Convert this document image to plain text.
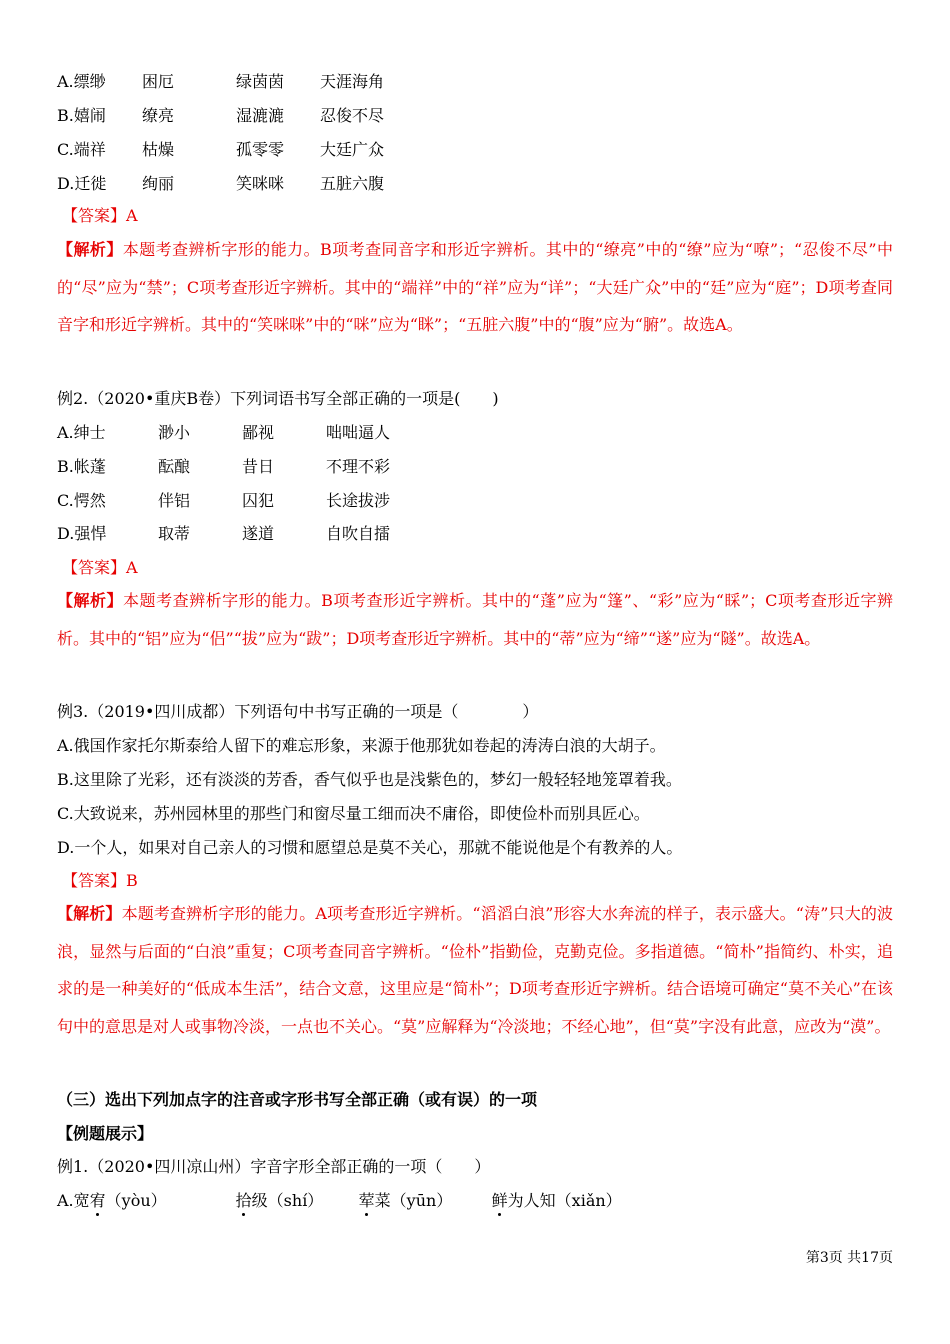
A.缥缈 困厄	绿茵茵 天涯海角
B.嬉闹 缭亮	湿漉漉 忍俊不尽
C.端祥 枯燥	孤零零 大廷广众
D.迁徙 绚丽	笑咪咪 五脏六腹
【答案】A
【解析】本题考查辨析字形的能力。B项考查同音字和形近字辨析。其中的“缭亮”中的“缭”应为“嘹”；“忍俊不尽”中的“尽”应为“禁”；C项考查形近字辨析。其中的“端祥”中的“祥”应为“详”；“大廷广众”中的“廷”应为“庭”；D项考查同音字和形近字辨析。其中的“笑咪咪”中的“咪”应为“眯”；“五脏六腹”中的“腹”应为“腑”。故选A。
例2.（2020•重庆B卷）下列词语书写全部正确的一项是(　　)
A.绅士	渺小	鄙视	咄咄逼人
B.帐蓬	酝酿	昔日	不理不彩
C.愕然	伴铝	囚犯	长途拔涉
D.强悍	取蒂	遂道	自吹自擂
【答案】A
【解析】本题考查辨析字形的能力。B项考查形近字辨析。其中的“蓬”应为“篷”、“彩”应为“睬”；C项考查形近字辨析。其中的“铝”应为“侣”“拔”应为“跋”；D项考查形近字辨析。其中的“蒂”应为“缔”“遂”应为“隧”。故选A。
例3.（2019•四川成都）下列语句中书写正确的一项是（　　　　）
A.俄国作家托尔斯泰给人留下的难忘形象，来源于他那犹如卷起的涛涛白浪的大胡子。
B.这里除了光彩，还有淡淡的芳香，香气似乎也是浅紫色的，梦幻一般轻轻地笼罩着我。
C.大致说来，苏州园林里的那些门和窗尽量工细而决不庸俗，即使俭朴而别具匠心。
D.一个人，如果对自己亲人的习惯和愿望总是莫不关心，那就不能说他是个有教养的人。
【答案】B
【解析】本题考查辨析字形的能力。A项考查形近字辨析。“滔滔白浪”形容大水奔流的样子，表示盛大。“涛”只大的波浪，显然与后面的“白浪”重复；C项考查同音字辨析。“俭朴”指勤俭，克勤克俭。多指道德。“简朴”指简约、朴实，追求的是一种美好的“低成本生活”，结合文意，这里应是“简朴”；D项考查形近字辨析。结合语境可确定“莫不关心”在该句中的意思是对人或事物冷淡，一点也不关心。“莫”应解释为“冷淡地；不经心地”，但“莫”字没有此意，应改为“漠”。
（三）选出下列加点字的注音或字形书写全部正确（或有误）的一项
【例题展示】
例1.（2020•四川凉山州）字音字形全部正确的一项（　　）
A.宽宥（yòu）	拾级（shí） 荤菜（yūn） 鲜为人知（xiǎn）
第3页 共17页
